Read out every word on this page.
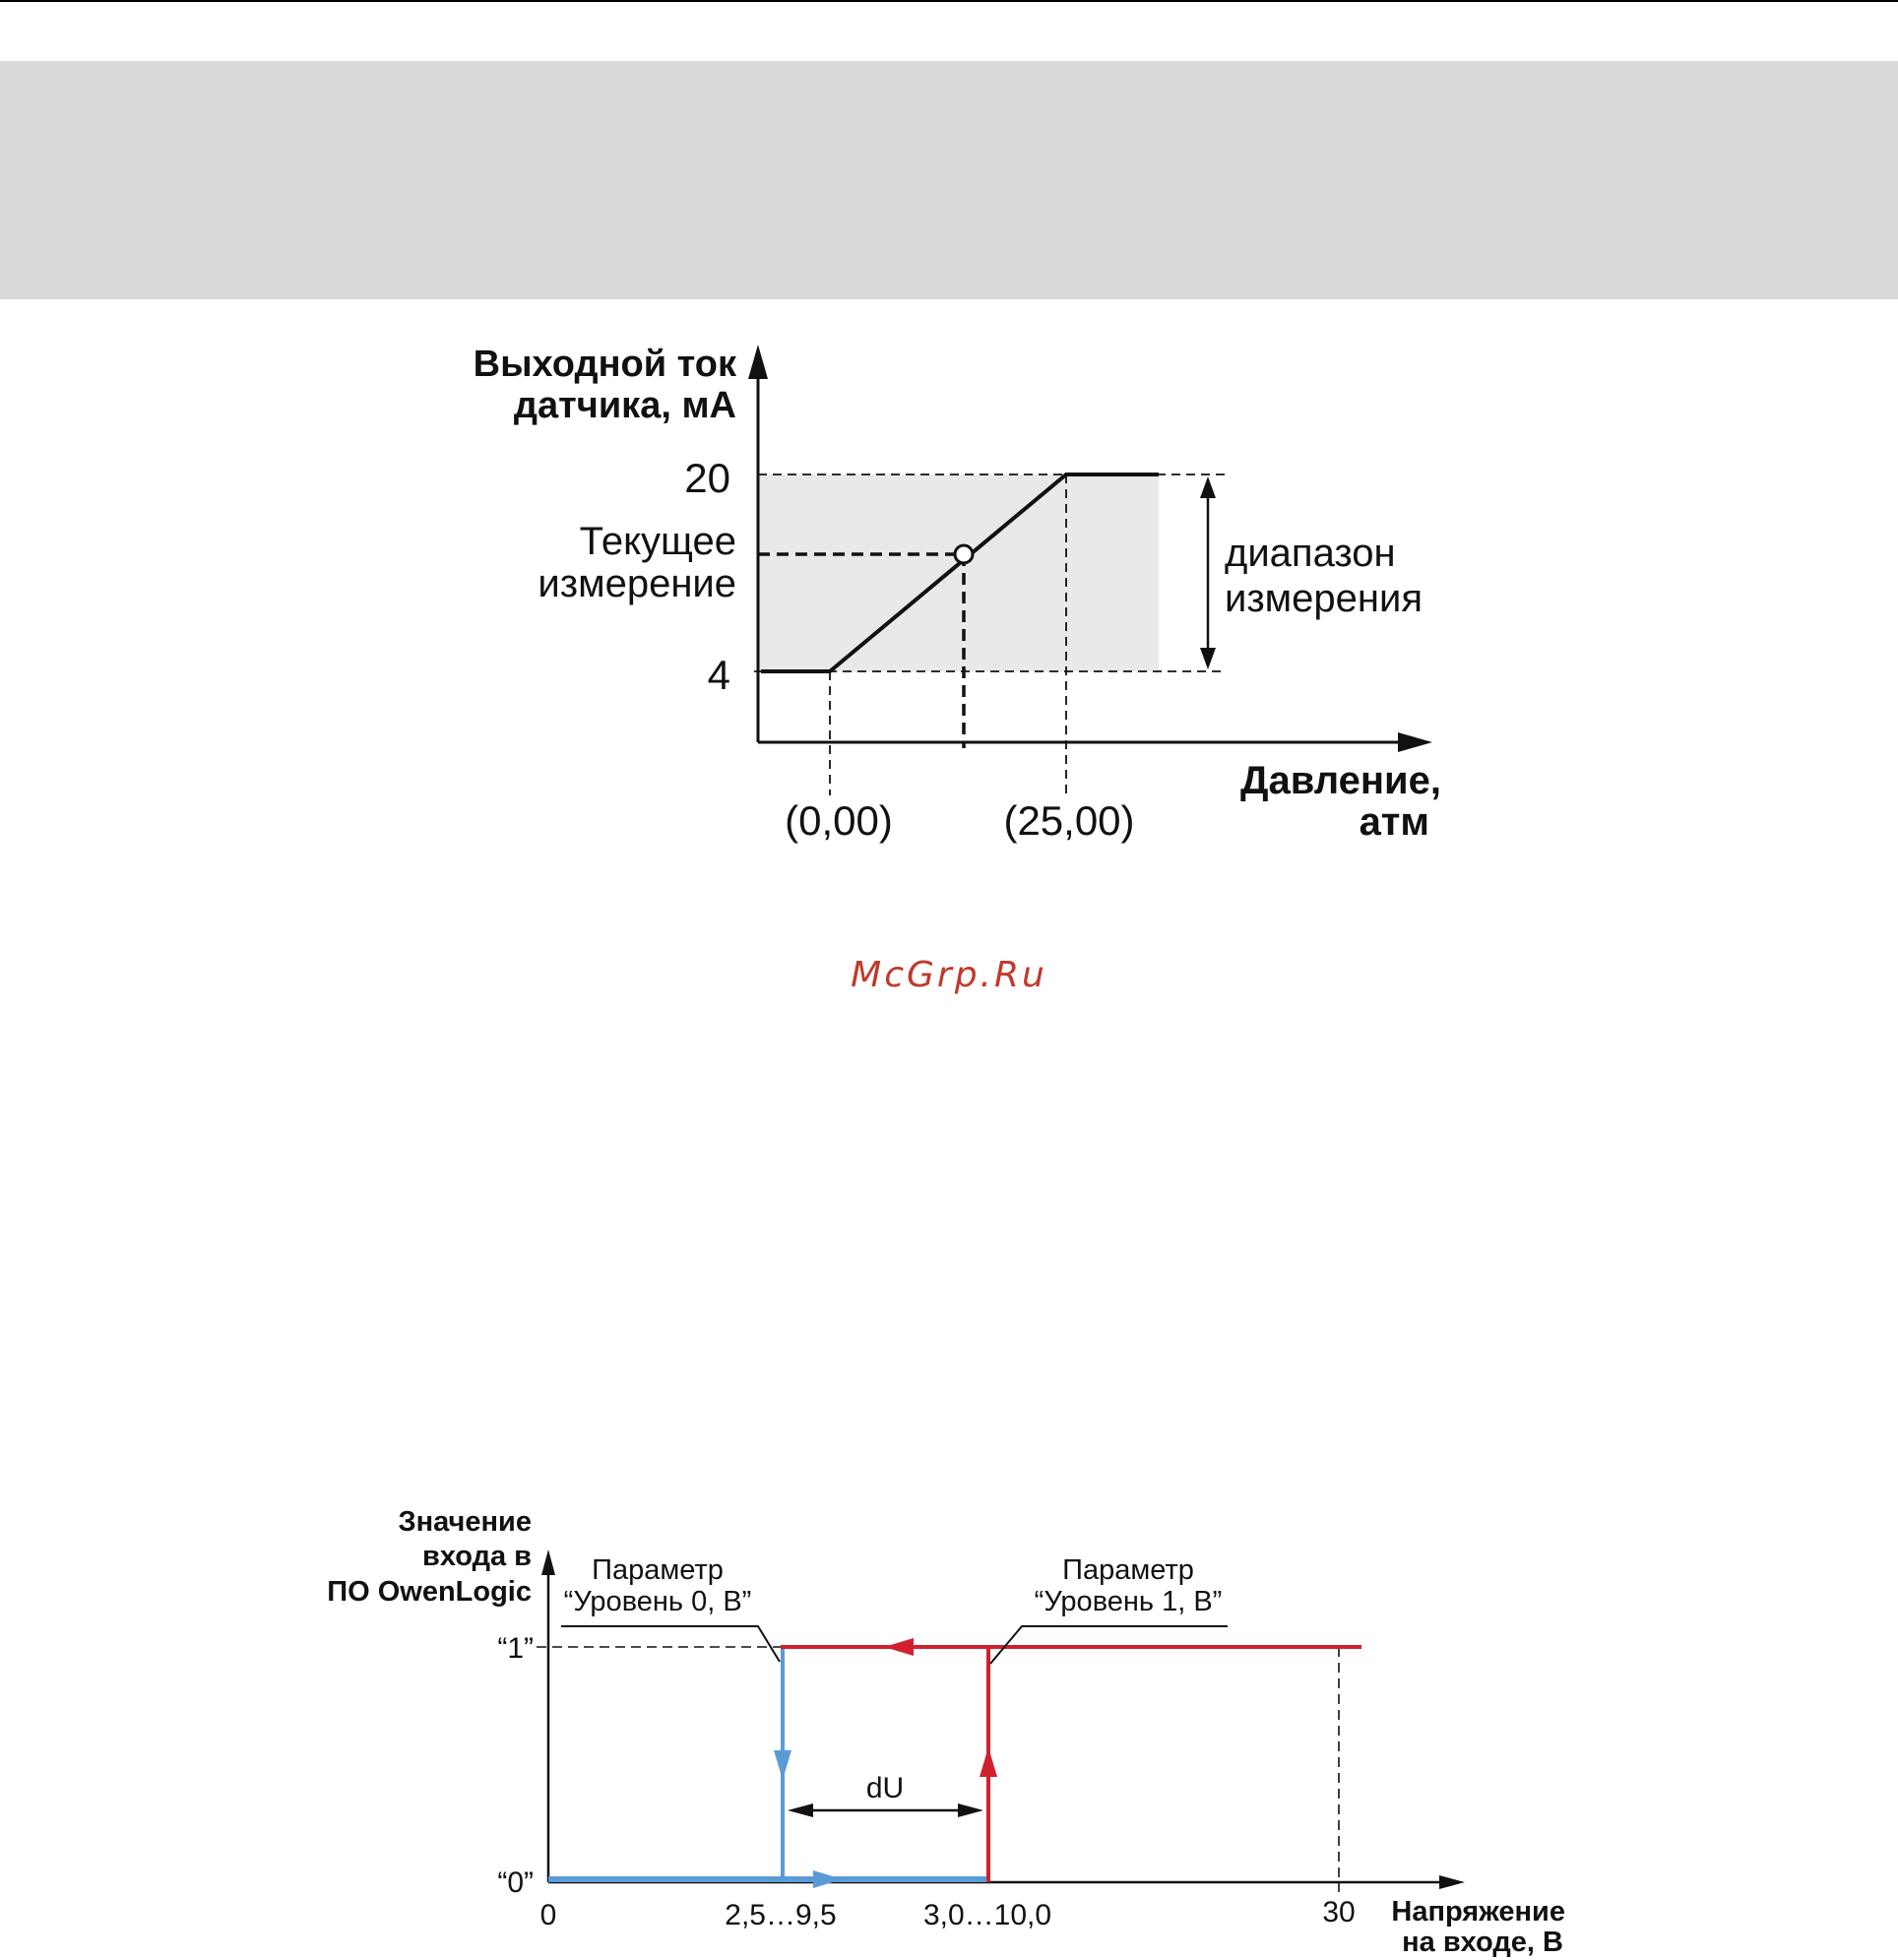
Выходной ток
датчика, мА
20
4
Текущее
измерение
диапазон
измерения
Давление,
атм
(0,00)	(25,00)
Значение
входа в
ПО OwenLogic
“1”
“0”
Параметр
“Уровень 0, В”
Параметр
“Уровень 1, В”
dU
0	2,5…9,5	3,0…10,0	30 Напряжение
на входе, В
McGrp.Ru
